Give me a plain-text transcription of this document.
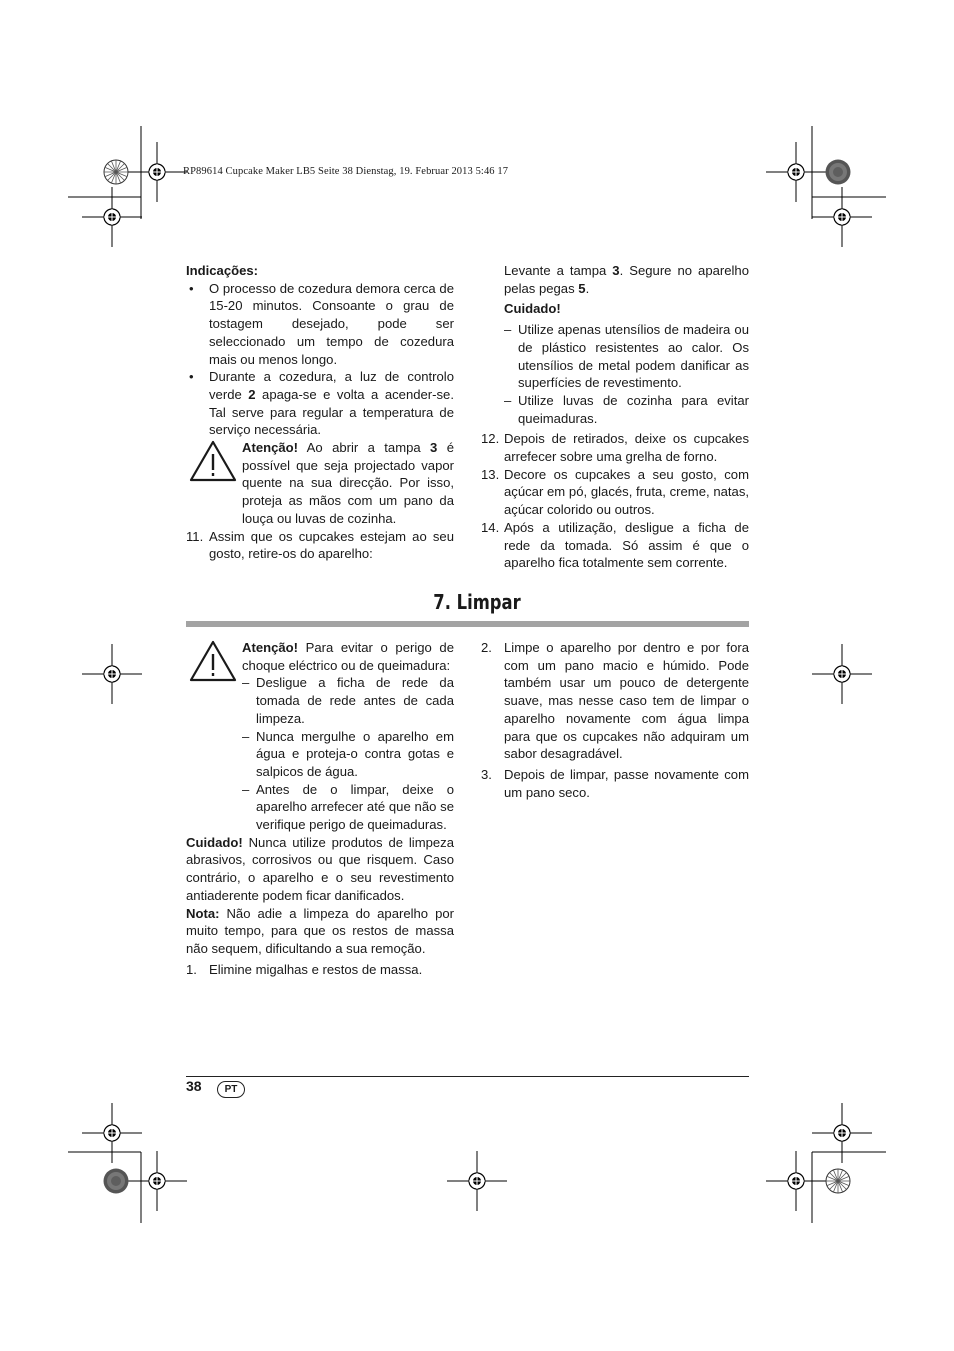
RP89614 Cupcake Maker LB5 Seite 38 Dienstag, 19. Februar 2013 5:46 17

Indicações:

• O processo de cozedura demora cerca de 15-20 minutos. Consoante o grau de tostagem desejado, pode ser seleccionado um tempo de cozedura mais ou menos longo.
• Durante a cozedura, a luz de controlo verde 2 apaga-se e volta a acender-se. Tal serve para regular a temperatura de serviço necessária.

Atenção! Ao abrir a tampa 3 é possível que seja projectado vapor quente na sua direcção. Por isso, proteja as mãos com um pano da louça ou luvas de cozinha.

11. Assim que os cupcakes estejam ao seu gosto, retire-os do aparelho:

Levante a tampa 3. Segure no aparelho pelas pegas 5.

Cuidado!

– Utilize apenas utensílios de madeira ou de plástico resistentes ao calor. Os utensílios de metal podem danificar as superfícies de revestimento.
– Utilize luvas de cozinha para evitar queimaduras.
12. Depois de retirados, deixe os cupcakes arrefecer sobre uma grelha de forno.
13. Decore os cupcakes a seu gosto, com açúcar em pó, glacés, fruta, creme, natas, açúcar colorido ou outros.
14. Após a utilização, desligue a ficha de rede da tomada. Só assim é que o aparelho fica totalmente sem corrente.
7. Limpar

Atenção! Para evitar o perigo de choque eléctrico ou de queimadura:

– Desligue a ficha de rede da tomada de rede antes de cada limpeza.
– Nunca mergulhe o aparelho em água e proteja-o contra gotas e salpicos de água.
– Antes de o limpar, deixe o aparelho arrefecer até que não se verifique perigo de queimaduras.

Cuidado! Nunca utilize produtos de limpeza abrasivos, corrosivos ou que risquem. Caso contrário, o aparelho e o seu revestimento antiaderente podem ficar danificados.

Nota: Não adie a limpeza do aparelho por muito tempo, para que os restos de massa não sequem, dificultando a sua remoção.

1. Elimine migalhas e restos de massa.
2. Limpe o aparelho por dentro e por fora com um pano macio e húmido. Pode também usar um pouco de detergente suave, mas nesse caso tem de limpar o aparelho novamente com água limpa para que os cupcakes não adquiram um sabor desagradável.
3. Depois de limpar, passe novamente com um pano seco.
38	PT
